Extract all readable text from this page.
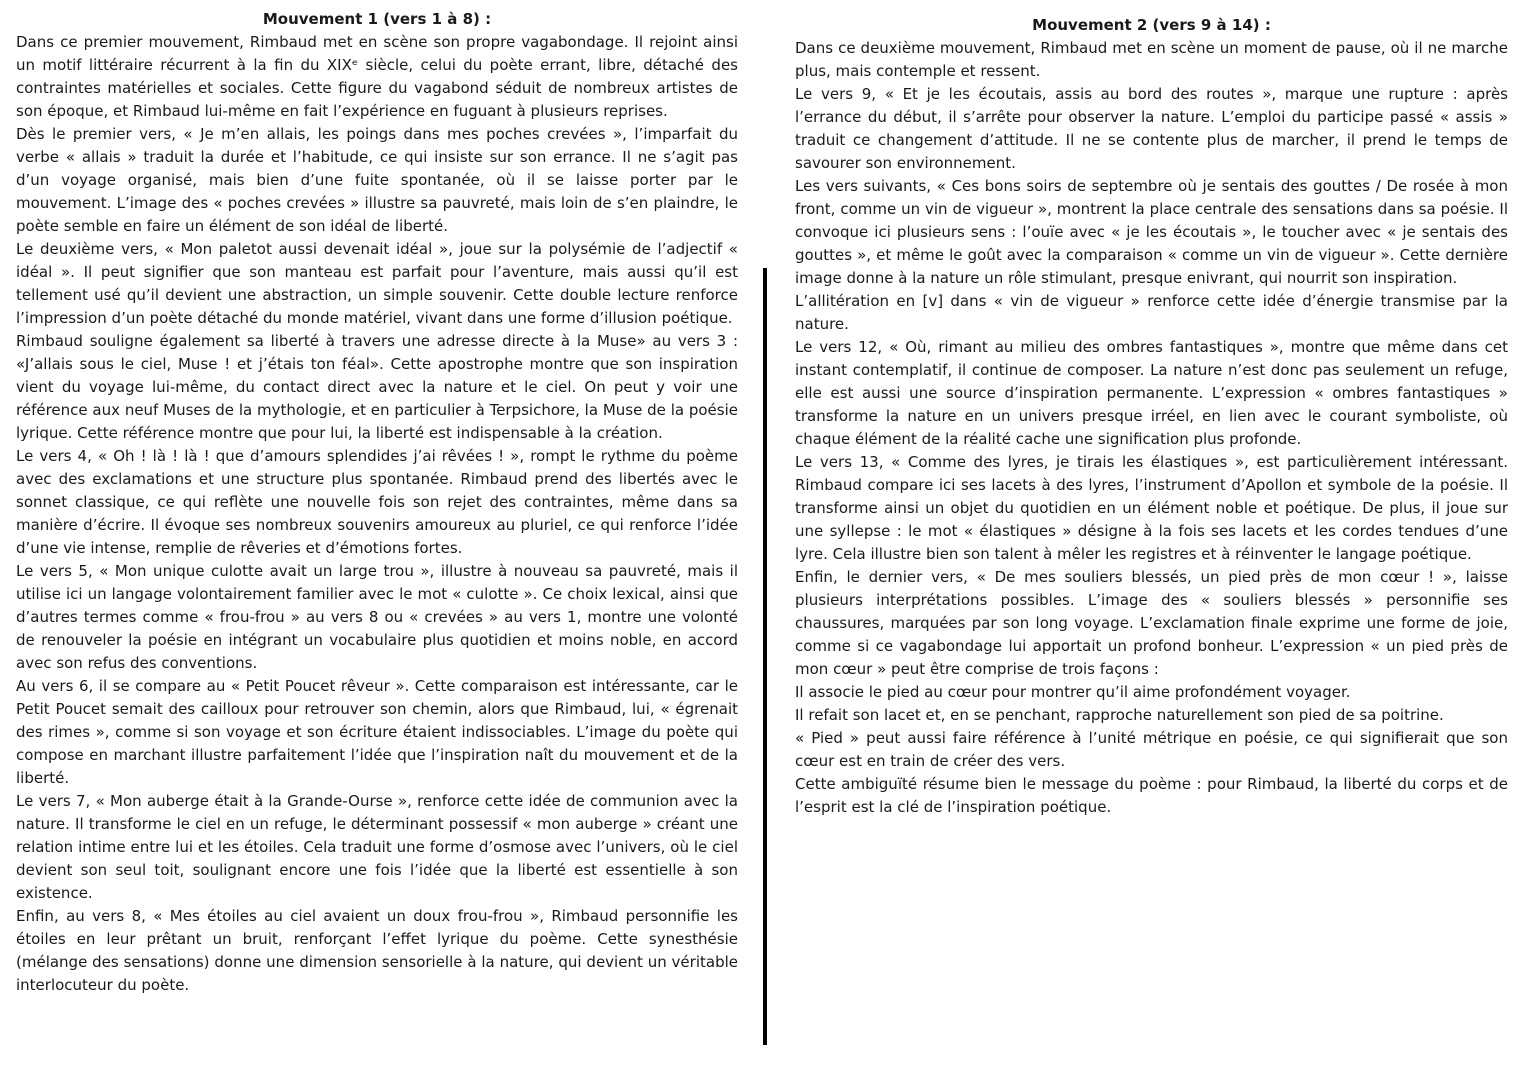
Mouvement 1 (vers 1 à 8) :

Dans ce premier mouvement, Rimbaud met en scène son propre vagabondage. Il rejoint ainsi un motif littéraire récurrent à la fin du XIXᵉ siècle, celui du poète errant, libre, détaché des contraintes matérielles et sociales. Cette figure du vagabond séduit de nombreux artistes de son époque, et Rimbaud lui-même en fait l’expérience en fuguant à plusieurs reprises.

Dès le premier vers, « Je m’en allais, les poings dans mes poches crevées », l’imparfait du verbe « allais » traduit la durée et l’habitude, ce qui insiste sur son errance. Il ne s’agit pas d’un voyage organisé, mais bien d’une fuite spontanée, où il se laisse porter par le mouvement. L’image des « poches crevées » illustre sa pauvreté, mais loin de s’en plaindre, le poète semble en faire un élément de son idéal de liberté.

Le deuxième vers, « Mon paletot aussi devenait idéal », joue sur la polysémie de l’adjectif « idéal ». Il peut signifier que son manteau est parfait pour l’aventure, mais aussi qu’il est tellement usé qu’il devient une abstraction, un simple souvenir. Cette double lecture renforce l’impression d’un poète détaché du monde matériel, vivant dans une forme d’illusion poétique.

Rimbaud souligne également sa liberté à travers une adresse directe à la Muse» au vers 3 : «J’allais sous le ciel, Muse ! et j’étais ton féal». Cette apostrophe montre que son inspiration vient du voyage lui-même, du contact direct avec la nature et le ciel. On peut y voir une référence aux neuf Muses de la mythologie, et en particulier à Terpsichore, la Muse de la poésie lyrique. Cette référence montre que pour lui, la liberté est indispensable à la création.

Le vers 4, « Oh ! là ! là ! que d’amours splendides j’ai rêvées ! », rompt le rythme du poème avec des exclamations et une structure plus spontanée. Rimbaud prend des libertés avec le sonnet classique, ce qui reflète une nouvelle fois son rejet des contraintes, même dans sa manière d’écrire. Il évoque ses nombreux souvenirs amoureux au pluriel, ce qui renforce l’idée d’une vie intense, remplie de rêveries et d’émotions fortes.

Le vers 5, « Mon unique culotte avait un large trou », illustre à nouveau sa pauvreté, mais il utilise ici un langage volontairement familier avec le mot « culotte ». Ce choix lexical, ainsi que d’autres termes comme « frou-frou » au vers 8 ou « crevées » au vers 1, montre une volonté de renouveler la poésie en intégrant un vocabulaire plus quotidien et moins noble, en accord avec son refus des conventions.

Au vers 6, il se compare au « Petit Poucet rêveur ». Cette comparaison est intéressante, car le Petit Poucet semait des cailloux pour retrouver son chemin, alors que Rimbaud, lui, « égrenait des rimes », comme si son voyage et son écriture étaient indissociables. L’image du poète qui compose en marchant illustre parfaitement l’idée que l’inspiration naît du mouvement et de la liberté.

Le vers 7, « Mon auberge était à la Grande-Ourse », renforce cette idée de communion avec la nature. Il transforme le ciel en un refuge, le déterminant possessif « mon auberge » créant une relation intime entre lui et les étoiles. Cela traduit une forme d’osmose avec l’univers, où le ciel devient son seul toit, soulignant encore une fois l’idée que la liberté est essentielle à son existence.

Enfin, au vers 8, « Mes étoiles au ciel avaient un doux frou-frou », Rimbaud personnifie les étoiles en leur prêtant un bruit, renforçant l’effet lyrique du poème. Cette synesthésie (mélange des sensations) donne une dimension sensorielle à la nature, qui devient un véritable interlocuteur du poète.

Mouvement 2 (vers 9 à 14) :

Dans ce deuxième mouvement, Rimbaud met en scène un moment de pause, où il ne marche plus, mais contemple et ressent.

Le vers 9, « Et je les écoutais, assis au bord des routes », marque une rupture : après l’errance du début, il s’arrête pour observer la nature. L’emploi du participe passé « assis » traduit ce changement d’attitude. Il ne se contente plus de marcher, il prend le temps de savourer son environnement.

Les vers suivants, « Ces bons soirs de septembre où je sentais des gouttes / De rosée à mon front, comme un vin de vigueur », montrent la place centrale des sensations dans sa poésie. Il convoque ici plusieurs sens : l’ouïe avec « je les écoutais », le toucher avec « je sentais des gouttes », et même le goût avec la comparaison « comme un vin de vigueur ». Cette dernière image donne à la nature un rôle stimulant, presque enivrant, qui nourrit son inspiration.

L’allitération en [v] dans « vin de vigueur » renforce cette idée d’énergie transmise par la nature.

Le vers 12, « Où, rimant au milieu des ombres fantastiques », montre que même dans cet instant contemplatif, il continue de composer. La nature n’est donc pas seulement un refuge, elle est aussi une source d’inspiration permanente. L’expression « ombres fantastiques » transforme la nature en un univers presque irréel, en lien avec le courant symboliste, où chaque élément de la réalité cache une signification plus profonde.

Le vers 13, « Comme des lyres, je tirais les élastiques », est particulièrement intéressant. Rimbaud compare ici ses lacets à des lyres, l’instrument d’Apollon et symbole de la poésie. Il transforme ainsi un objet du quotidien en un élément noble et poétique. De plus, il joue sur une syllepse : le mot « élastiques » désigne à la fois ses lacets et les cordes tendues d’une lyre. Cela illustre bien son talent à mêler les registres et à réinventer le langage poétique.

Enfin, le dernier vers, « De mes souliers blessés, un pied près de mon cœur ! », laisse plusieurs interprétations possibles. L’image des « souliers blessés » personnifie ses chaussures, marquées par son long voyage. L’exclamation finale exprime une forme de joie, comme si ce vagabondage lui apportait un profond bonheur. L’expression « un pied près de mon cœur » peut être comprise de trois façons :

Il associe le pied au cœur pour montrer qu’il aime profondément voyager.

Il refait son lacet et, en se penchant, rapproche naturellement son pied de sa poitrine.

« Pied » peut aussi faire référence à l’unité métrique en poésie, ce qui signifierait que son cœur est en train de créer des vers.

Cette ambiguïté résume bien le message du poème : pour Rimbaud, la liberté du corps et de l’esprit est la clé de l’inspiration poétique.
